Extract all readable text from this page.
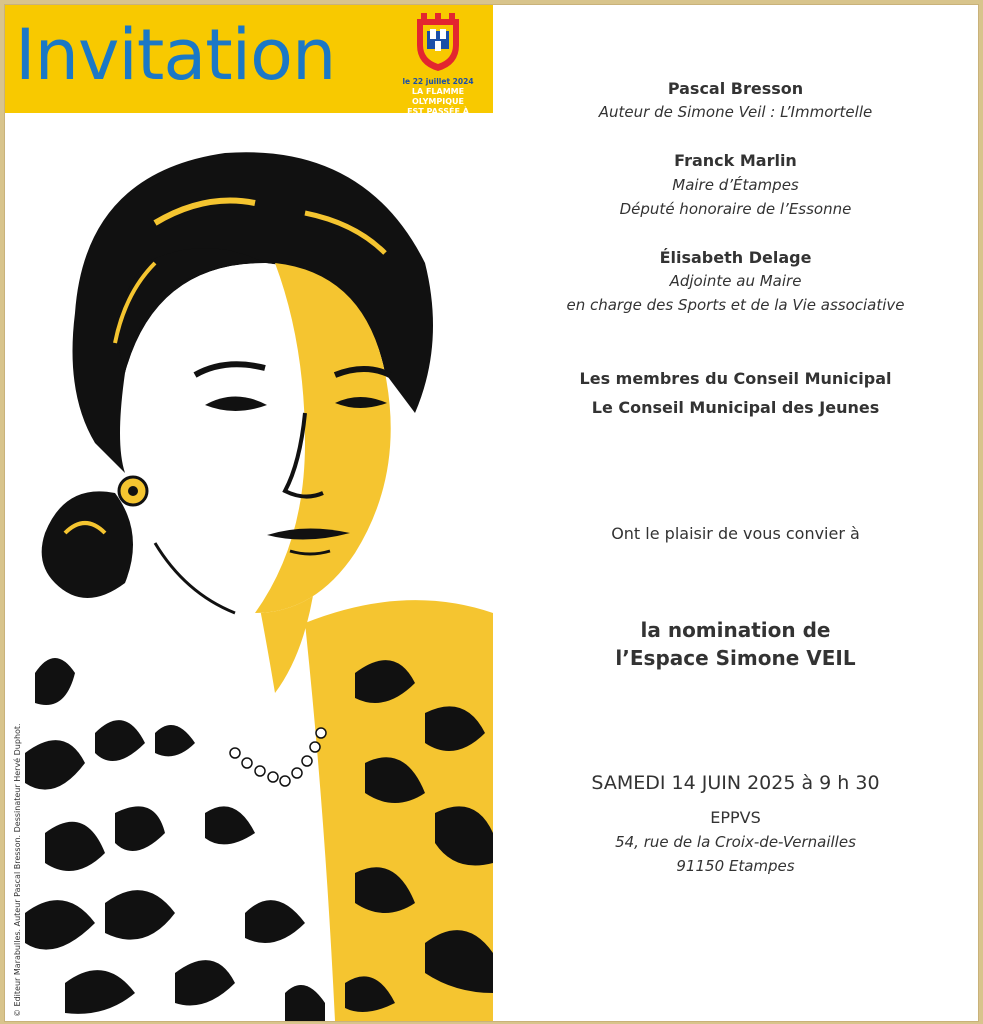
Invitation	le 22 juillet 2024
LA FLAMME OLYMPIQUE
EST PASSÉE À ÉTAMPES
© Editeur Marabulles. Auteur Pascal Bresson. Dessinateur Hervé Duphot.
Pascal Bresson
Auteur de Simone Veil : L’Immortelle
Franck Marlin
Maire d’Étampes
Député honoraire de l’Essonne
Élisabeth Delage
Adjointe au Maire
en charge des Sports et de la Vie associative
Les membres du Conseil Municipal
Le Conseil Municipal des Jeunes
Ont le plaisir de vous convier à
la nomination de
l’Espace Simone VEIL
SAMEDI 14 JUIN 2025 à 9 h 30
EPPVS
54, rue de la Croix-de-Vernailles
91150 Etampes
